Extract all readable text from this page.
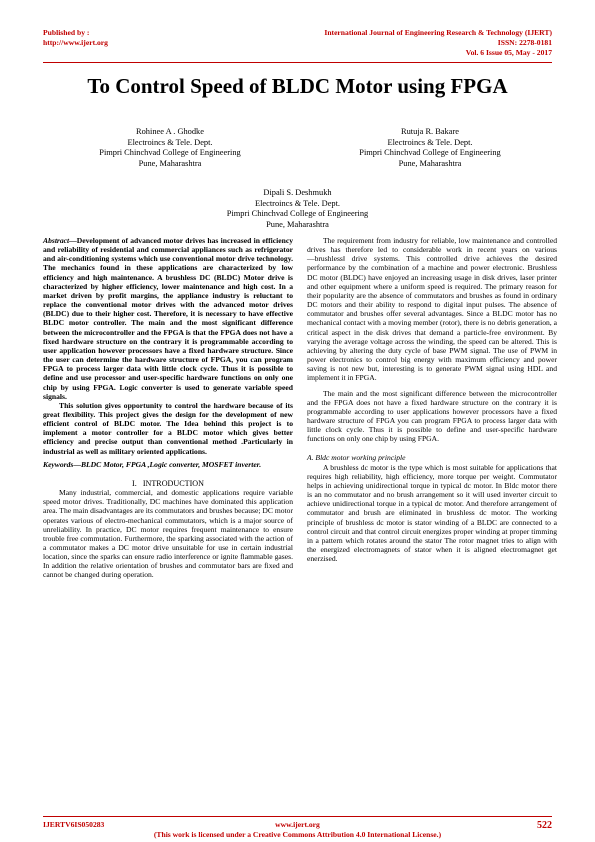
Published by :
http://www.ijert.org
International Journal of Engineering Research & Technology (IJERT)
ISSN: 2278-0181
Vol. 6 Issue 05, May - 2017
To Control Speed of BLDC Motor using FPGA
Rohinee A . Ghodke
Electroincs & Tele. Dept.
Pimpri Chinchvad College of Engineering
Pune, Maharashtra
Rutuja R. Bakare
Electroincs & Tele. Dept.
Pimpri Chinchvad College of Engineering
Pune, Maharashtra
Dipali S. Deshmukh
Electroincs & Tele. Dept.
Pimpri Chinchvad College of Engineering
Pune, Maharashtra

Abstract—Development of advanced motor drives has increased in efficiency and reliability of residential and commercial appliances such as refrigerator and air-conditioning systems which use conventional motor drive technology. The mechanics found in these applications are characterized by low efficiency and high maintenance. A brushless DC (BLDC) Motor drive is characterized by higher efficiency, lower maintenance and high cost. In a market driven by profit margins, the appliance industry is reluctant to replace the conventional motor drives with the advanced motor drives (BLDC) due to their higher cost. Therefore, it is necessary to have effective BLDC motor controller. The main and the most significant difference between the microcontroller and the FPGA is that the FPGA does not have a fixed hardware structure on the contrary it is programmable according to user application however processors have a fixed hardware structure. Since the user can determine the hardware structure of FPGA, you can program FPGA to process larger data with little clock cycle. Thus it is possible to define and use processor and user-specific hardware functions on only one chip by using FPGA. Logic converter is used to generate variable speed signals.

This solution gives opportunity to control the hardware because of its great flexibility. This project gives the design for the development of new efficient control of BLDC motor. The Idea behind this project is to implement a motor controller for a BLDC motor which gives better efficiency and precise output than conventional method .Particularly in industrial as well as military oriented applications.

Keywords—BLDC Motor, FPGA ,Logic converter, MOSFET inverter.

I. INTRODUCTION

Many industrial, commercial, and domestic applications require variable speed motor drives. Traditionally, DC machines have dominated this application area. The main disadvantages are its commutators and brushes because; DC motor operates various of electro-mechanical commutators, which is a major source of unreliability. In practice, DC motor requires frequent maintenance to ensure trouble free commutation. Furthermore, the sparking associated with the action of a commutator makes a DC motor drive unsuitable for use in certain industrial location, since the sparks can ensure radio interference or ignite flammable gases. In addition the relative orientation of brushes and commutator bars are fixed and cannot be changed during operation.

The requirement from industry for reliable, low maintenance and controlled drives has therefore led to considerable work in recent years on various ―brushless‖ drive systems. This controlled drive achieves the desired performance by the combination of a machine and power electronic. Brushless DC motor (BLDC) have enjoyed an increasing usage in disk drives, laser printer and other equipment where a uniform speed is required. The primary reason for their popularity are the absence of commutators and brushes as found in ordinary DC motors and their ability to respond to digital input pulses. The absence of commutator and brushes offer several advantages. Since a BLDC motor has no mechanical contact with a moving member (rotor), there is no debris generation, a critical aspect in the disk drives that demand a particle-free environment. By varying the average voltage across the winding, the speed can be altered. This is achieving by altering the duty cycle of base PWM signal. The use of PWM in power electronics to control big energy with maximum efficiency and power saving is not new but, interesting is to generate PWM signal using HDL and implement it in FPGA.

The main and the most significant difference between the microcontroller and the FPGA does not have a fixed hardware structure on the contrary it is programmable according to user applications however processors have a fixed hardware structure of FPGA you can program FPGA to process larger data with little clock cycle. Thus it is possible to define and user-specific hardware functions on only one chip by using FPGA.

A. Bldc motor working principle

A brushless dc motor is the type which is most suitable for applications that requires high reliability, high efficiency, more torque per weight. Commutator helps in achieving unidirectional torque in typical dc motor. In Bldc motor there is an no commutator and no brush arrangement so it will used inverter circuit to achieve unidirectional torque in a typical dc motor. And therefore arrangement of commutator and brush are eliminated in brushless dc motor. The working principle of brushless dc motor is stator winding of a BLDC are connected to a control circuit and that control circuit energizes proper winding at proper timming in a pattern which rotates around the stator The rotor magnet tries to align with the energized electromagnets of stator when it is aligned electromagnet get enerzised.

IJERTV6IS050283	www.ijert.org
(This work is licensed under a Creative Commons Attribution 4.0 International License.)
522
